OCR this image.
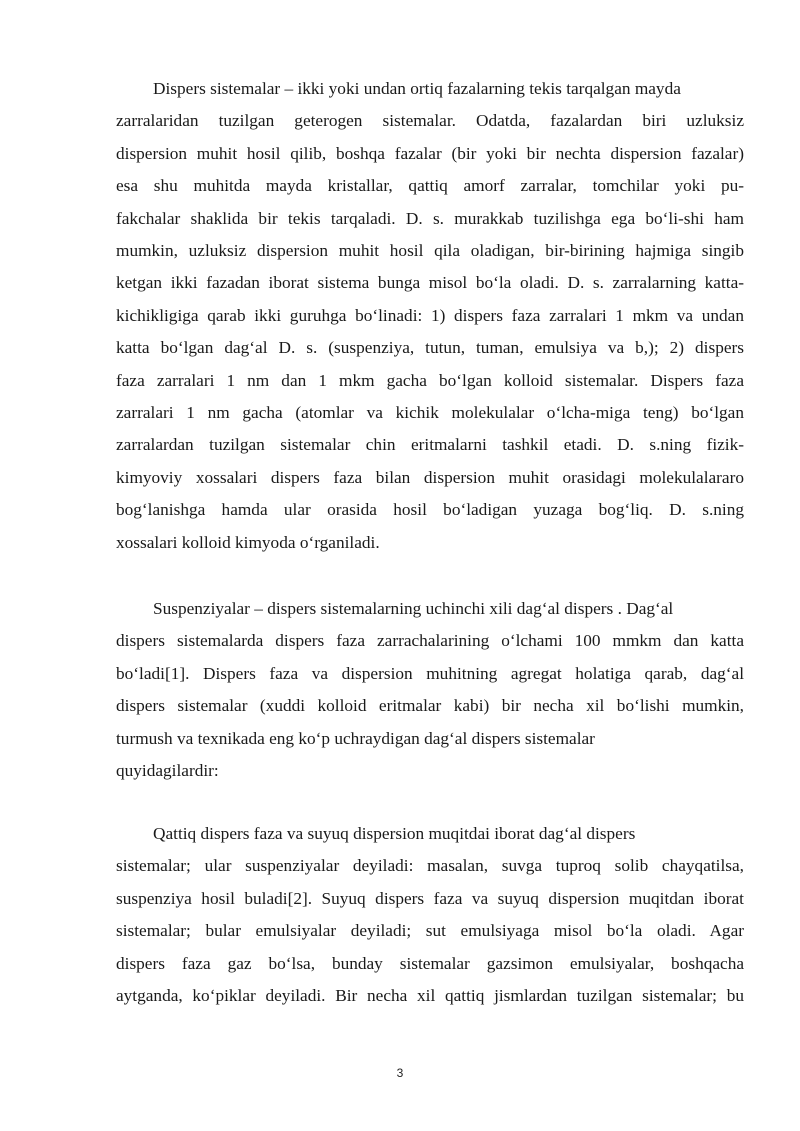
Dispers sistemalar – ikki yoki undan ortiq fazalarning tekis tarqalgan mayda
zarralaridan tuzilgan geterogen sistemalar. Odatda, fazalardan biri uzluksiz
dispersion muhit hosil qilib, boshqa fazalar (bir yoki bir nechta dispersion fazalar)
esa shu muhitda mayda kristallar, qattiq amorf zarralar, tomchilar yoki pu-
fakchalar shaklida bir tekis tarqaladi. D. s. murakkab tuzilishga ega bo‘li-shi ham
mumkin, uzluksiz dispersion muhit hosil qila oladigan, bir-birining hajmiga singib
ketgan ikki fazadan iborat sistema bunga misol bo‘la oladi. D. s. zarralarning katta-
kichikligiga qarab ikki guruhga bo‘linadi: 1) dispers faza zarralari 1 mkm va undan
katta bo‘lgan dag‘al D. s. (suspenziya, tutun, tuman, emulsiya va b,); 2) dispers
faza zarralari 1 nm dan 1 mkm gacha bo‘lgan kolloid sistemalar. Dispers faza
zarralari 1 nm gacha (atomlar va kichik molekulalar o‘lcha-miga teng) bo‘lgan
zarralardan tuzilgan sistemalar chin eritmalarni tashkil etadi. D. s.ning fizik-
kimyoviy xossalari dispers faza bilan dispersion muhit orasidagi molekulalararo
bog‘lanishga hamda ular orasida hosil bo‘ladigan yuzaga bog‘liq. D. s.ning
xossalari kolloid kimyoda o‘rganiladi.
Suspenziyalar – dispers sistemalarning uchinchi xili dag‘al dispers . Dag‘al
dispers sistemalarda dispers faza zarrachalarining o‘lchami 100 mmkm dan katta
bo‘ladi[1]. Dispers faza va dispersion muhitning agregat holatiga qarab, dag‘al
dispers sistemalar (xuddi kolloid eritmalar kabi) bir necha xil bo‘lishi mumkin,
turmush va texnikada eng ko‘p uchraydigan dag‘al dispers sistemalar
quyidagilardir:
Qattiq dispers faza va suyuq dispersion muqitdai iborat dag‘al dispers
sistemalar; ular suspenziyalar deyiladi: masalan, suvga tuproq solib chayqatilsa,
suspenziya hosil buladi[2]. Suyuq dispers faza va suyuq dispersion muqitdan iborat
sistemalar; bular emulsiyalar deyiladi; sut emulsiyaga misol bo‘la oladi. Agar
dispers faza gaz bo‘lsa, bunday sistemalar gazsimon emulsiyalar, boshqacha
aytganda, ko‘piklar deyiladi. Bir necha xil qattiq jismlardan tuzilgan sistemalar; bu
3
